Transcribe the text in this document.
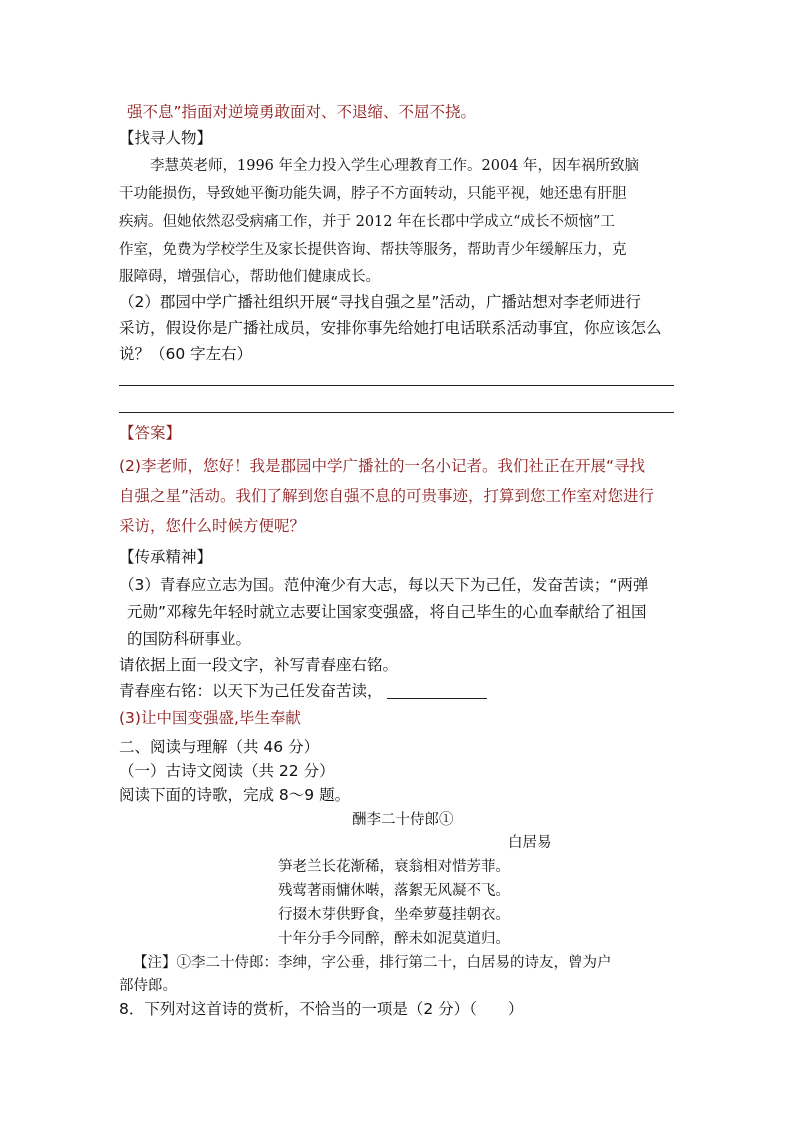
强不息”指面对逆境勇敢面对、不退缩、不屈不挠。
【找寻人物】
李慧英老师，1996 年全力投入学生心理教育工作。2004 年，因车祸所致脑
干功能损伤，导致她平衡功能失调，脖子不方面转动，只能平视，她还患有肝胆
疾病。但她依然忍受病痛工作，并于 2012 年在长郡中学成立“成长不烦恼”工
作室，免费为学校学生及家长提供咨询、帮扶等服务，帮助青少年缓解压力，克
服障碍，增强信心，帮助他们健康成长。
（2）郡园中学广播社组织开展“寻找自强之星”活动，广播站想对李老师进行
采访，假设你是广播社成员，安排你事先给她打电话联系活动事宜，你应该怎么
说？（60 字左右）
【答案】
(2)李老师，您好！我是郡园中学广播社的一名小记者。我们社正在开展“寻找
自强之星”活动。我们了解到您自强不息的可贵事迹，打算到您工作室对您进行
采访，您什么时候方便呢？
【传承精神】
（3）青春应立志为国。范仲淹少有大志，每以天下为己任，发奋苦读；“两弹
元勋”邓稼先年轻时就立志要让国家变强盛，将自己毕生的心血奉献给了祖国
的国防科研事业。
请依据上面一段文字，补写青春座右铭。
青春座右铭：以天下为己任发奋苦读，
(3)让中国变强盛,毕生奉献
二、阅读与理解（共 46 分）
（一）古诗文阅读（共 22 分）
阅读下面的诗歌，完成 8～9 题。
酬李二十侍郎①
白居易
笋老兰长花渐稀，衰翁相对惜芳菲。
残莺著雨慵休啭，落絮无风凝不飞。
行掇木芽供野食，坐牵萝蔓挂朝衣。
十年分手今同醉，醉未如泥莫道归。
【注】①李二十侍郎：李绅，字公垂，排行第二十，白居易的诗友，曾为户
部侍郎。
8．下列对这首诗的赏析，不恰当的一项是（2 分）（　　）
